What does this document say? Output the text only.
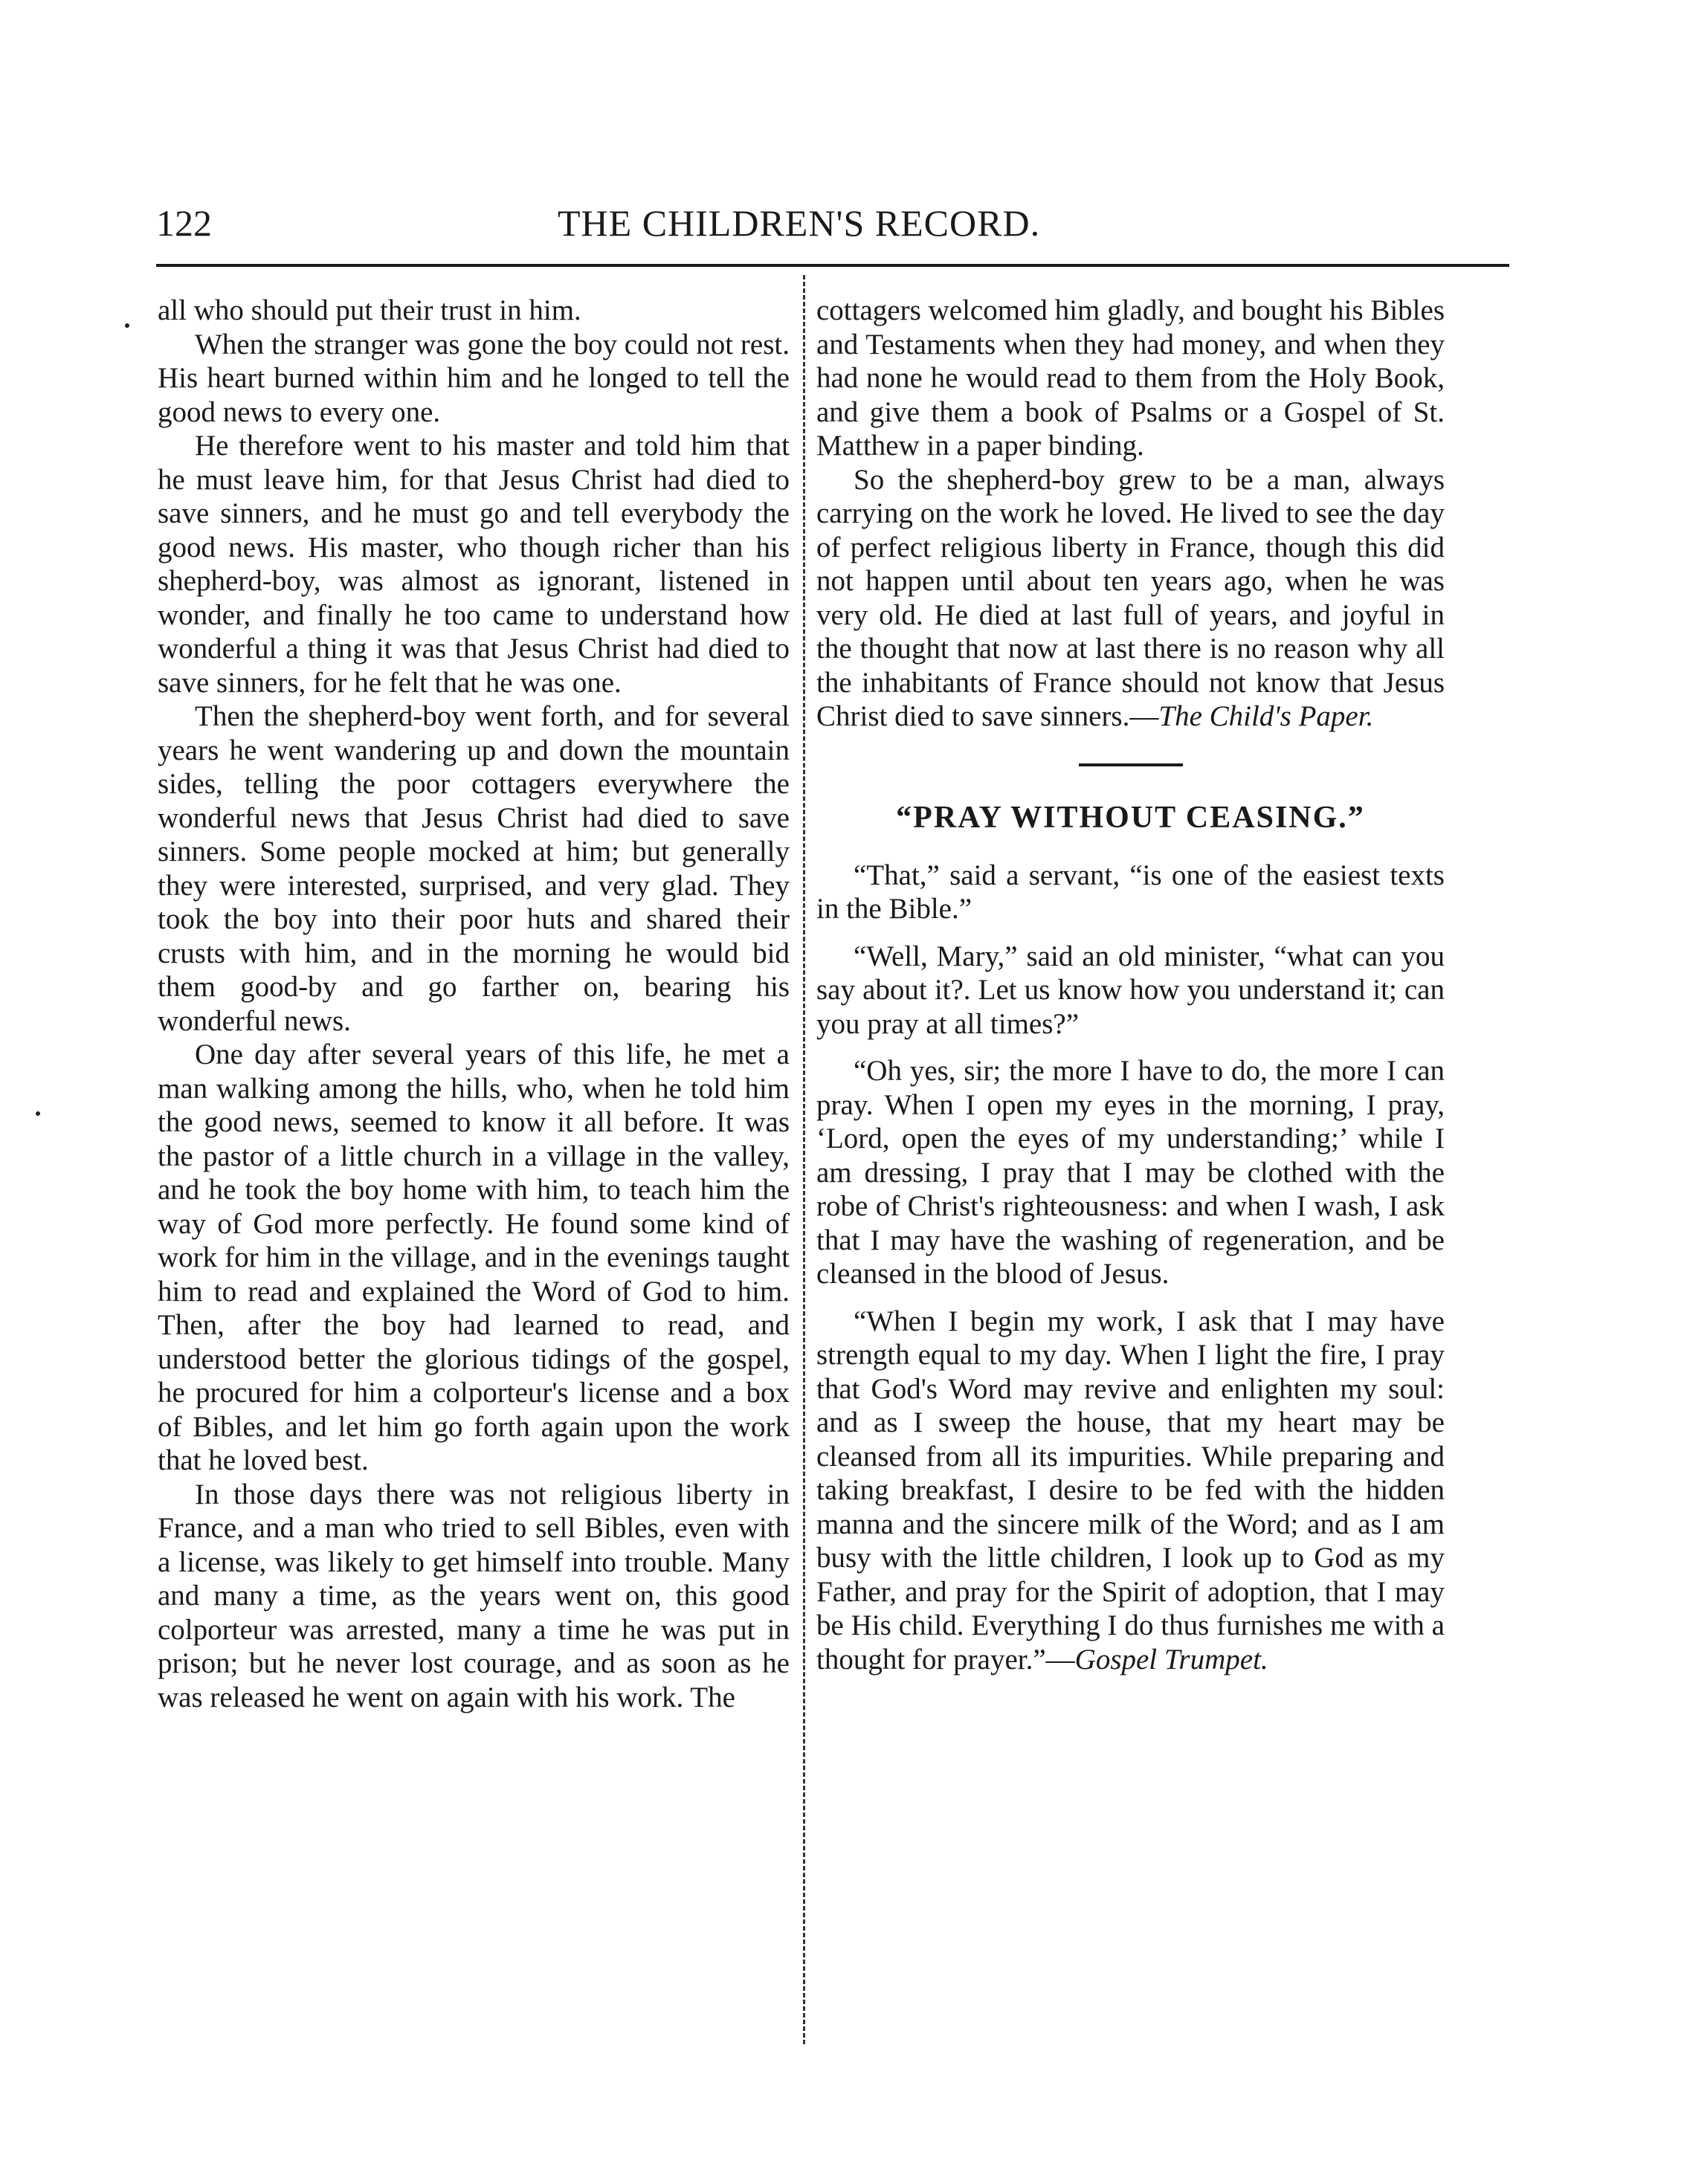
122	THE CHILDREN'S RECORD.

all who should put their trust in him.

When the stranger was gone the boy could not rest. His heart burned within him and he longed to tell the good news to every one.

He therefore went to his master and told him that he must leave him, for that Jesus Christ had died to save sinners, and he must go and tell everybody the good news. His master, who though richer than his shepherd-boy, was almost as ignorant, listened in wonder, and finally he too came to understand how wonderful a thing it was that Jesus Christ had died to save sinners, for he felt that he was one.

Then the shepherd-boy went forth, and for several years he went wandering up and down the mountain sides, telling the poor cottagers everywhere the wonderful news that Jesus Christ had died to save sinners. Some people mocked at him; but generally they were interested, surprised, and very glad. They took the boy into their poor huts and shared their crusts with him, and in the morning he would bid them good-by and go farther on, bearing his wonderful news.

One day after several years of this life, he met a man walking among the hills, who, when he told him the good news, seemed to know it all before. It was the pastor of a little church in a village in the valley, and he took the boy home with him, to teach him the way of God more perfectly. He found some kind of work for him in the village, and in the evenings taught him to read and explained the Word of God to him. Then, after the boy had learned to read, and understood better the glorious tidings of the gospel, he procured for him a colporteur's license and a box of Bibles, and let him go forth again upon the work that he loved best.

In those days there was not religious liberty in France, and a man who tried to sell Bibles, even with a license, was likely to get himself into trouble. Many and many a time, as the years went on, this good colporteur was arrested, many a time he was put in prison; but he never lost courage, and as soon as he was released he went on again with his work. The

cottagers welcomed him gladly, and bought his Bibles and Testaments when they had money, and when they had none he would read to them from the Holy Book, and give them a book of Psalms or a Gospel of St. Matthew in a paper binding.

So the shepherd-boy grew to be a man, always carrying on the work he loved. He lived to see the day of perfect religious liberty in France, though this did not happen until about ten years ago, when he was very old. He died at last full of years, and joyful in the thought that now at last there is no reason why all the inhabitants of France should not know that Jesus Christ died to save sinners.—The Child's Paper.

“PRAY WITHOUT CEASING.”

“That,” said a servant, “is one of the easiest texts in the Bible.”

“Well, Mary,” said an old minister, “what can you say about it?. Let us know how you understand it; can you pray at all times?”

“Oh yes, sir; the more I have to do, the more I can pray. When I open my eyes in the morning, I pray, ‘Lord, open the eyes of my understanding;’ while I am dressing, I pray that I may be clothed with the robe of Christ's righteousness: and when I wash, I ask that I may have the washing of regeneration, and be cleansed in the blood of Jesus.

“When I begin my work, I ask that I may have strength equal to my day. When I light the fire, I pray that God's Word may revive and enlighten my soul: and as I sweep the house, that my heart may be cleansed from all its impurities. While preparing and taking breakfast, I desire to be fed with the hidden manna and the sincere milk of the Word; and as I am busy with the little children, I look up to God as my Father, and pray for the Spirit of adoption, that I may be His child. Everything I do thus furnishes me with a thought for prayer.”—Gospel Trumpet.
